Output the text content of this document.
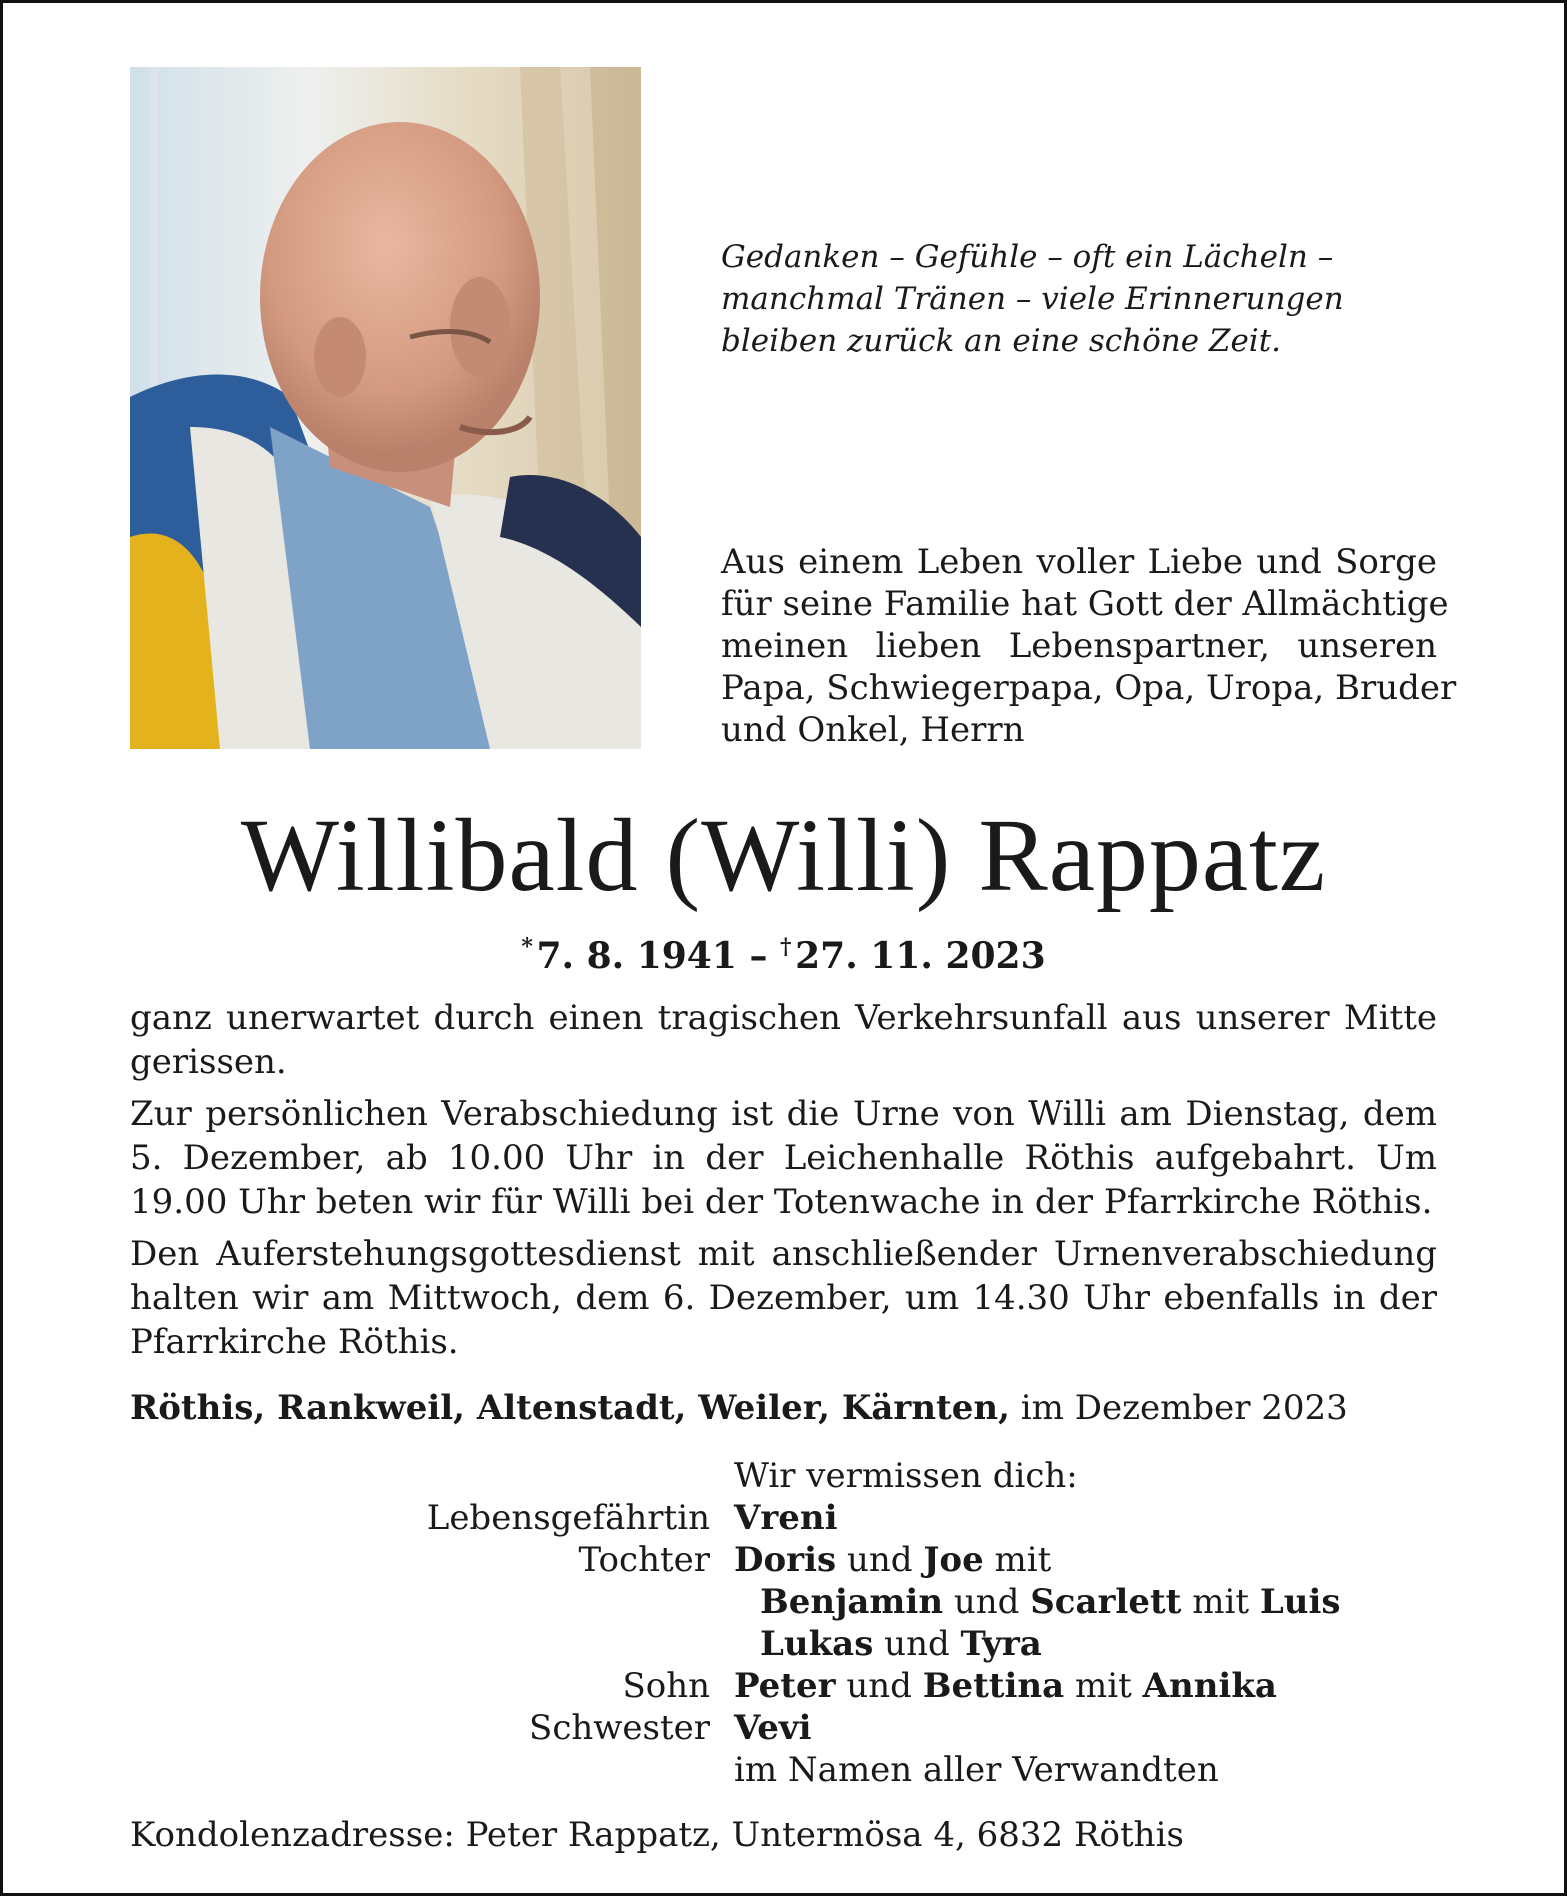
Gedanken – Gefühle – oft ein Lächeln –
manchmal Tränen – viele Erinnerungen
bleiben zurück an eine schöne Zeit.
Aus einem Leben voller Liebe und Sorge
für seine Familie hat Gott der Allmächtige
meinen lieben Lebenspartner, unseren
Papa, Schwiegerpapa, Opa, Uropa, Bruder
und Onkel, Herrn
Willibald (Willi) Rappatz
* 7. 8. 1941 – † 27. 11. 2023

ganz unerwartet durch einen tragischen Verkehrsunfall aus unserer Mitte
gerissen.

Zur persönlichen Verabschiedung ist die Urne von Willi am Dienstag, dem
5. Dezember, ab 10.00 Uhr in der Leichenhalle Röthis aufgebahrt. Um
19.00 Uhr beten wir für Willi bei der Totenwache in der Pfarrkirche Röthis.

Den Auferstehungsgottesdienst mit anschließender Urnenverabschiedung
halten wir am Mittwoch, dem 6. Dezember, um 14.30 Uhr ebenfalls in der
Pfarrkirche Röthis.

Röthis, Rankweil, Altenstadt, Weiler, Kärnten, im Dezember 2023

Wir vermissen dich:
Lebensgefährtin Vreni
Tochter Doris und Joe mit
Benjamin und Scarlett mit Luis
Lukas und Tyra
Sohn Peter und Bettina mit Annika
Schwester Vevi
im Namen aller Verwandten

Kondolenzadresse: Peter Rappatz, Untermösa 4, 6832 Röthis
